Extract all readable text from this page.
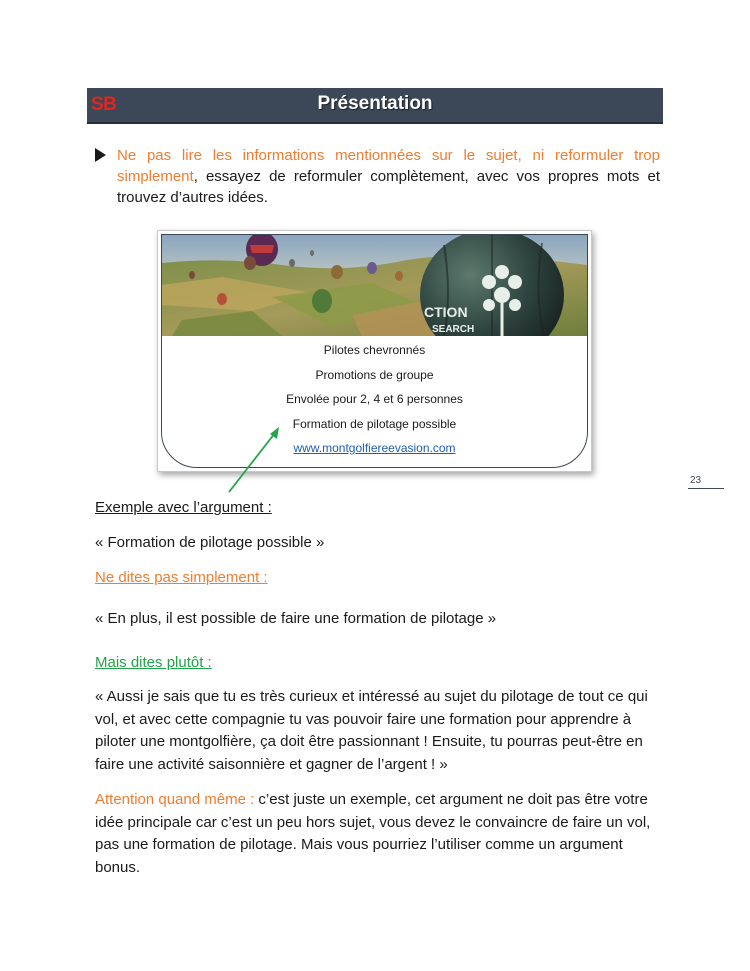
SB	Présentation
Ne pas lire les informations mentionnées sur le sujet, ni reformuler trop simplement, essayez de reformuler complètement, avec vos propres mots et trouvez d’autres idées.
CTION
SEARCH
Pilotes chevronnés
Promotions de groupe
Envolée pour 2, 4 et 6 personnes
Formation de pilotage possible
www.montgolfiereevasion.com
23
Exemple avec l’argument :
« Formation de pilotage possible »
Ne dites pas simplement :
« En plus, il est possible de faire une formation de pilotage »
Mais dites plutôt :
« Aussi je sais que tu es très curieux et intéressé au sujet du pilotage de tout ce qui vol, et avec cette compagnie tu vas pouvoir faire une formation pour apprendre à piloter une montgolfière, ça doit être passionnant ! Ensuite, tu pourras peut-être en faire une activité saisonnière et gagner de l’argent ! »
Attention quand même : c’est juste un exemple, cet argument ne doit pas être votre idée principale car c’est un peu hors sujet, vous devez le convaincre de faire un vol, pas une formation de pilotage. Mais vous pourriez l’utiliser comme un argument bonus.
